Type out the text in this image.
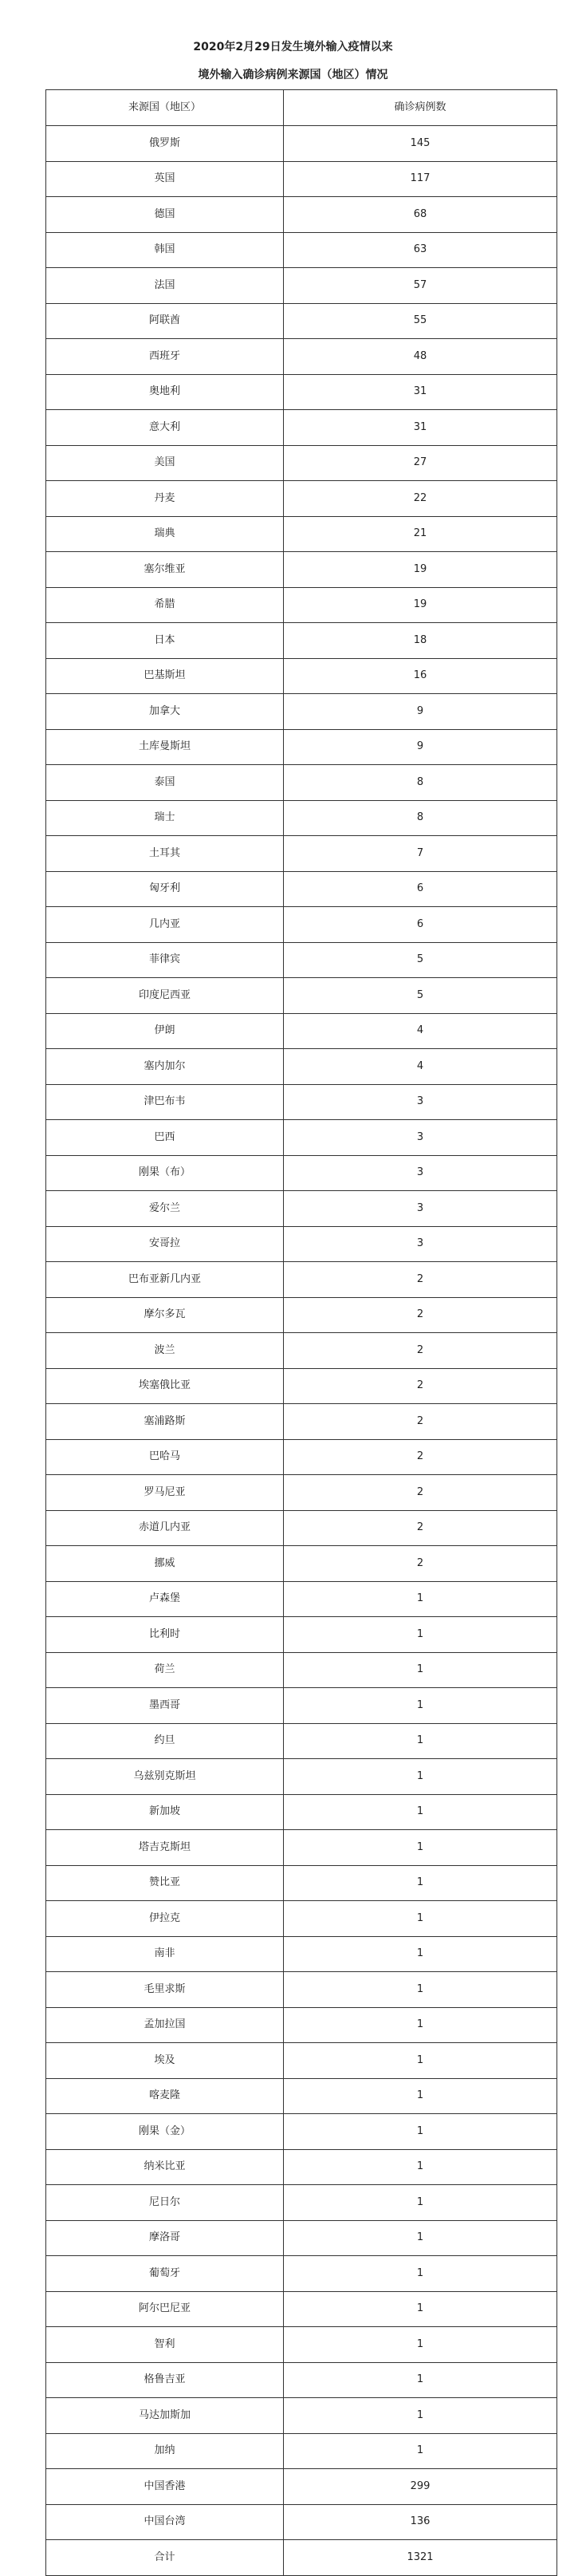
2020年2月29日发生境外输入疫情以来
境外输入确诊病例来源国（地区）情况
来源国（地区）	确诊病例数
俄罗斯	145
英国	117
德国	68
韩国	63
法国	57
阿联酋	55
西班牙	48
奥地利	31
意大利	31
美国	27
丹麦	22
瑞典	21
塞尔维亚	19
希腊	19
日本	18
巴基斯坦	16
加拿大	9
土库曼斯坦	9
泰国	8
瑞士	8
土耳其	7
匈牙利	6
几内亚	6
菲律宾	5
印度尼西亚	5
伊朗	4
塞内加尔	4
津巴布韦	3
巴西	3
刚果（布）	3
爱尔兰	3
安哥拉	3
巴布亚新几内亚	2
摩尔多瓦	2
波兰	2
埃塞俄比亚	2
塞浦路斯	2
巴哈马	2
罗马尼亚	2
赤道几内亚	2
挪威	2
卢森堡	1
比利时	1
荷兰	1
墨西哥	1
约旦	1
乌兹别克斯坦	1
新加坡	1
塔吉克斯坦	1
赞比亚	1
伊拉克	1
南非	1
毛里求斯	1
孟加拉国	1
埃及	1
喀麦隆	1
刚果（金）	1
纳米比亚	1
尼日尔	1
摩洛哥	1
葡萄牙	1
阿尔巴尼亚	1
智利	1
格鲁吉亚	1
马达加斯加	1
加纳	1
中国香港	299
中国台湾	136
合计	1321
